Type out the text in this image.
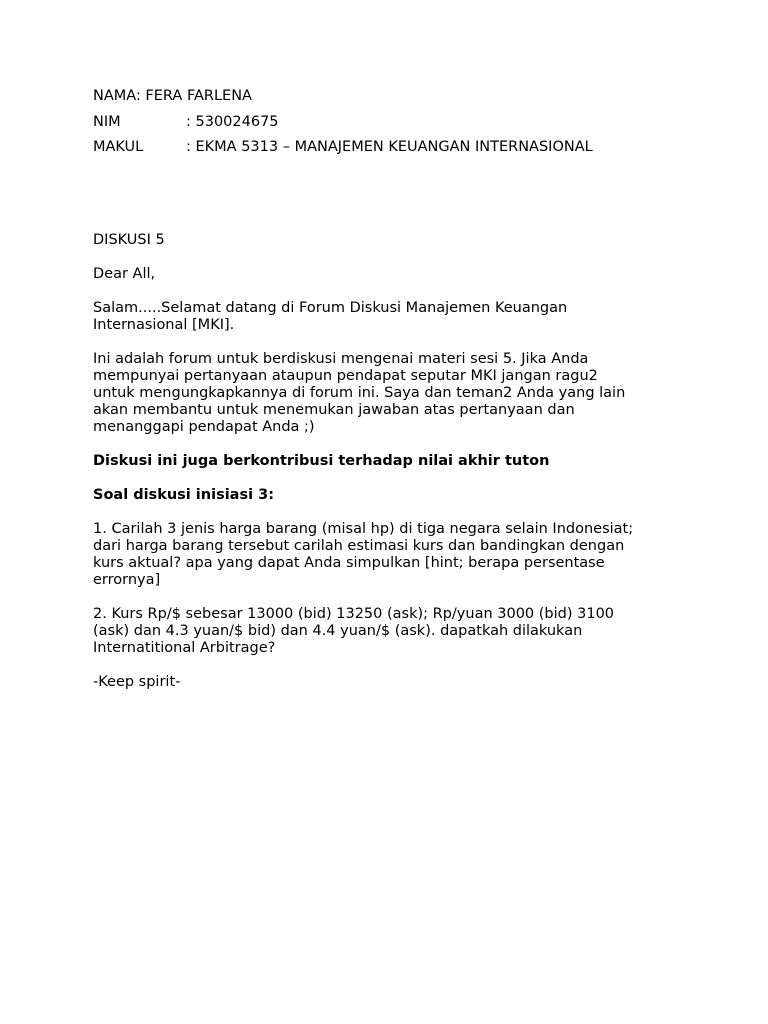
NAMA: FERA FARLENA
NIM	: 530024675
MAKUL	: EKMA 5313 – MANAJEMEN KEUANGAN INTERNASIONAL

DISKUSI 5

Dear All,

Salam.....Selamat datang di Forum Diskusi Manajemen Keuangan
Internasional [MKI].

Ini adalah forum untuk berdiskusi mengenai materi sesi 5. Jika Anda
mempunyai pertanyaan ataupun pendapat seputar MKI jangan ragu2
untuk mengungkapkannya di forum ini. Saya dan teman2 Anda yang lain
akan membantu untuk menemukan jawaban atas pertanyaan dan
menanggapi pendapat Anda ;)

Diskusi ini juga berkontribusi terhadap nilai akhir tuton

Soal diskusi inisiasi 3:

1. Carilah 3 jenis harga barang (misal hp) di tiga negara selain Indonesiat;
dari harga barang tersebut carilah estimasi kurs dan bandingkan dengan
kurs aktual? apa yang dapat Anda simpulkan [hint; berapa persentase
errornya]

2. Kurs Rp/$ sebesar 13000 (bid) 13250 (ask); Rp/yuan 3000 (bid) 3100
(ask) dan 4.3 yuan/$ bid) dan 4.4 yuan/$ (ask). dapatkah dilakukan
Internatitional Arbitrage?

-Keep spirit-
